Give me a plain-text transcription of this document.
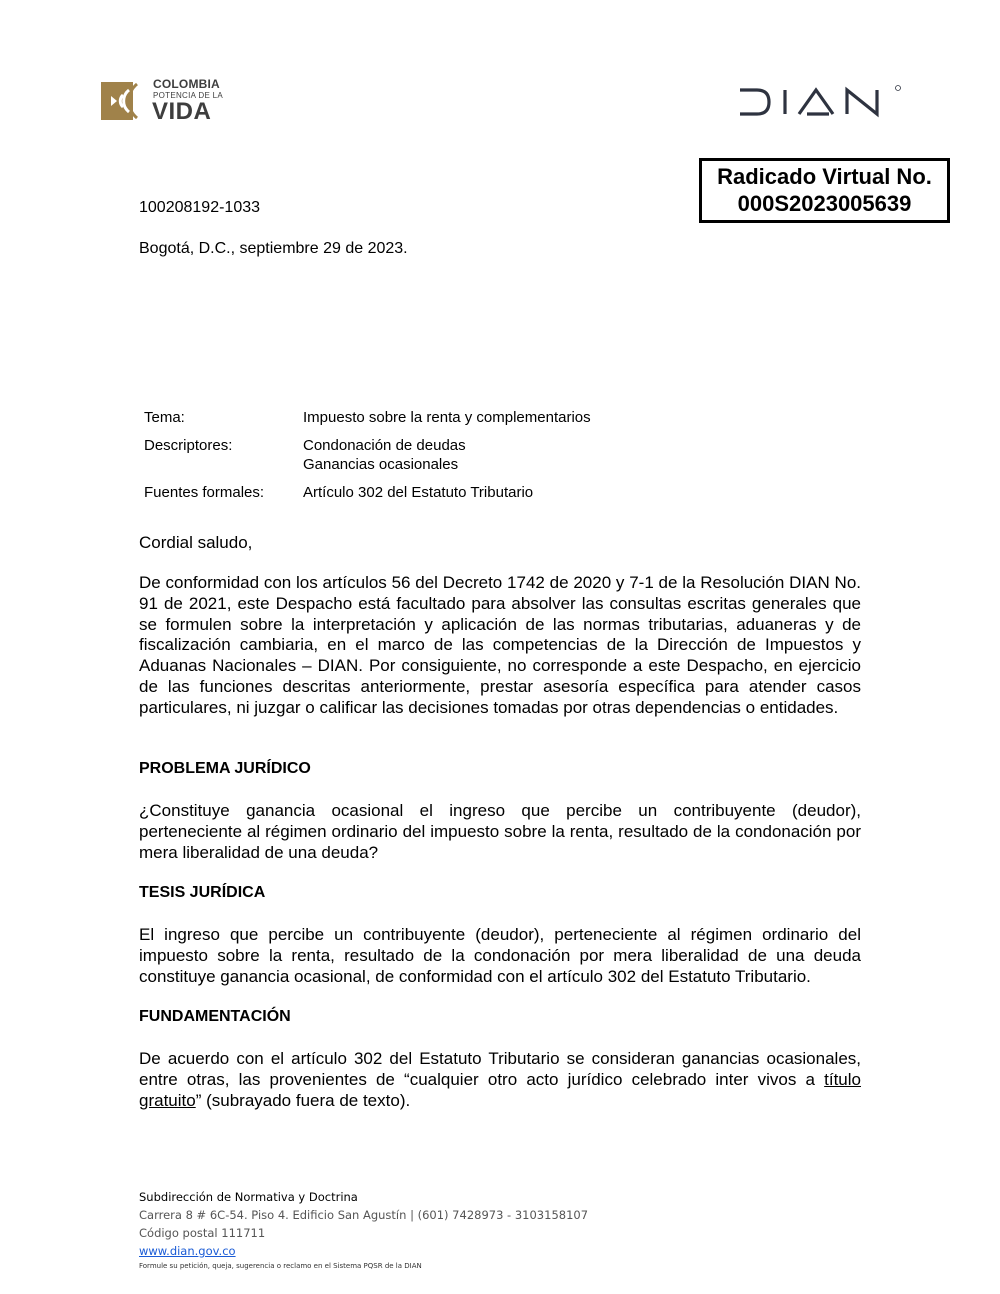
COLOMBIA
POTENCIA DE LA
VIDA
Radicado Virtual No.
000S2023005639
100208192-1033
Bogotá, D.C., septiembre 29 de 2023.
Tema:	Impuesto sobre la renta y complementarios
Descriptores:	Condonación de deudas
Ganancias ocasionales
Fuentes formales:	Artículo 302 del Estatuto Tributario
Cordial saludo,
De conformidad con los artículos 56 del Decreto 1742 de 2020 y 7-1 de la Resolución DIAN No. 91 de 2021, este Despacho está facultado para absolver las consultas escritas generales que se formulen sobre la interpretación y aplicación de las normas tributarias, aduaneras y de fiscalización cambiaria, en el marco de las competencias de la Dirección de Impuestos y Aduanas Nacionales – DIAN. Por consiguiente, no corresponde a este Despacho, en ejercicio de las funciones descritas anteriormente, prestar asesoría específica para atender casos particulares, ni juzgar o calificar las decisiones tomadas por otras dependencias o entidades.
PROBLEMA JURÍDICO
¿Constituye ganancia ocasional el ingreso que percibe un contribuyente (deudor), perteneciente al régimen ordinario del impuesto sobre la renta, resultado de la condonación por mera liberalidad de una deuda?
TESIS JURÍDICA
El ingreso que percibe un contribuyente (deudor), perteneciente al régimen ordinario del impuesto sobre la renta, resultado de la condonación por mera liberalidad de una deuda constituye ganancia ocasional, de conformidad con el artículo 302 del Estatuto Tributario.
FUNDAMENTACIÓN
De acuerdo con el artículo 302 del Estatuto Tributario se consideran ganancias ocasionales, entre otras, las provenientes de “cualquier otro acto jurídico celebrado inter vivos a título gratuito” (subrayado fuera de texto).
Subdirección de Normativa y Doctrina
Carrera 8 # 6C-54. Piso 4. Edificio San Agustín | (601) 7428973 - 3103158107
Código postal 111711
www.dian.gov.co
Formule su petición, queja, sugerencia o reclamo en el Sistema PQSR de la DIAN
